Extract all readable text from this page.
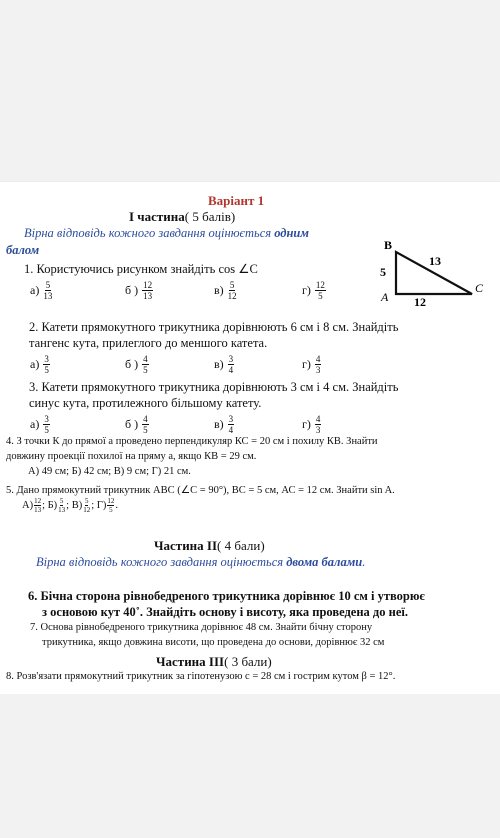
Варіант 1
І частина( 5 балів)
Вірна відповідь кожного завдання оцінюється одним
балом	B
A
C
13
5
12
1. Користуючись рисунком знайдіть cos ∠C
$а) \frac{5}{13}$	б ) $\frac{12}{13}$	$в) \frac{5}{12}$	$г) \frac{12}{5}$
2. Катети прямокутного трикутника дорівнюють 6 см і 8 см. Знайдіть
тангенс кута, прилеглого до меншого катета.
$а) \frac{3}{5}$	б ) $\frac{4}{5}$	$в) \frac{3}{4}$	$г) \frac{4}{3}$
3. Катети прямокутного трикутника дорівнюють 3 см і 4 см. Знайдіть
синус кута, протилежного більшому катету.
$а) \frac{3}{5}$	б ) $\frac{4}{5}$	$в) \frac{3}{4}$	$г) \frac{4}{3}$
4. З точки К до прямої а проведено перпендикуляр КС = 20 см і похилу КВ. Знайти
довжину проекції похилої на пряму а, якщо КВ = 29 см.
А) 49 см; Б) 42 см; В) 9 см; Г) 21 см.
5. Дано прямокутний трикутник АВС (∠С = 90°), ВС = 5 см, АС = 12 см. Знайти sin A.
$А) \frac{12}{13}$ ; $Б) \frac{5}{13}$ ; $В) \frac{5}{12}$ ; $Г) \frac{12}{5}$ .
Частина ІІ( 4 бали)
Вірна відповідь кожного завдання оцінюється двома балами.
6. Бічна сторона рівнобедреного трикутника дорівнює 10 см і утворює
з основою кут 40˚. Знайдіть основу і висоту, яка проведена до неї.
7. Основа рівнобедреного трикутника дорівнює 48 см. Знайти бічну сторону
трикутника, якщо довжина висоти, що проведена до основи, дорівнює 32 см
Частина ІІІ( 3 бали)
8. Розв'язати прямокутний трикутник за гіпотенузою с = 28 см і гострим кутом β = 12°.
